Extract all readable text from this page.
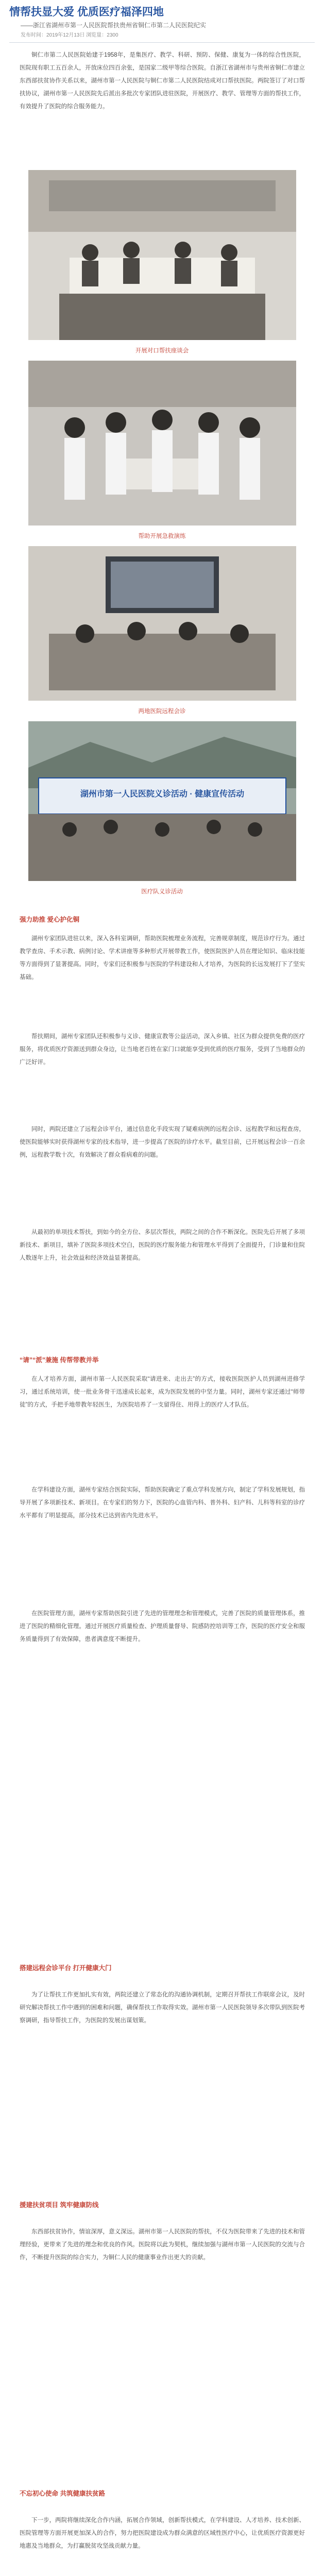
情帮扶显大爱 优质医疗福泽四地
——浙江省湖州市第一人民医院帮扶贵州省铜仁市第二人民医院纪实
发布时间：2019年12月13日 浏览量：2300
铜仁市第二人民医院始建于1958年，是集医疗、教学、科研、预防、保健、康复为一体的综合性医院，医院现有职工五百余人，开放床位四百余张，是国家二级甲等综合医院。自浙江省湖州市与贵州省铜仁市建立东西部扶贫协作关系以来，湖州市第一人民医院与铜仁市第二人民医院结成对口帮扶医院。两院签订了对口帮扶协议，湖州市第一人民医院先后派出多批次专家团队进驻医院，开展医疗、教学、管理等方面的帮扶工作，有效提升了医院的综合服务能力。
开展对口帮扶座谈会
帮助开展急救演练
两地医院远程会诊
湖州市第一人民医院义诊活动 · 健康宣传活动
医疗队义诊活动
强力助推 爱心护化铜
湖州专家团队进驻以来，深入各科室调研，帮助医院梳理业务流程，完善规章制度，规范诊疗行为。通过教学查房、手术示教、病例讨论、学术讲座等多种形式开展带教工作，使医院医护人员在理论知识、临床技能等方面得到了显著提高。同时，专家们还积极参与医院的学科建设和人才培养，为医院的长远发展打下了坚实基础。
帮扶期间，湖州专家团队还积极参与义诊、健康宣教等公益活动，深入乡镇、社区为群众提供免费的医疗服务，将优质医疗资源送到群众身边，让当地老百姓在家门口就能享受到优质的医疗服务，受到了当地群众的广泛好评。
同时，两院还建立了远程会诊平台，通过信息化手段实现了疑难病例的远程会诊、远程教学和远程查房，使医院能够实时获得湖州专家的技术指导，进一步提高了医院的诊疗水平。截至目前，已开展远程会诊一百余例，远程教学数十次，有效解决了群众看病难的问题。
从最初的单项技术帮扶，到如今的全方位、多层次帮扶，两院之间的合作不断深化。医院先后开展了多项新技术、新项目，填补了医院多项技术空白，医院的医疗服务能力和管理水平得到了全面提升，门诊量和住院人数逐年上升，社会效益和经济效益显著提高。
“请”“派”兼施 传帮带教并举
在人才培养方面，湖州市第一人民医院采取“请进来、走出去”的方式，接收医院医护人员到湖州进修学习，通过系统培训，使一批业务骨干迅速成长起来，成为医院发展的中坚力量。同时，湖州专家还通过“师带徒”的方式，手把手地带教年轻医生，为医院培养了一支留得住、用得上的医疗人才队伍。
在学科建设方面，湖州专家结合医院实际，帮助医院确定了重点学科发展方向，制定了学科发展规划，指导开展了多项新技术、新项目。在专家们的努力下，医院的心血管内科、普外科、妇产科、儿科等科室的诊疗水平都有了明显提高，部分技术已达到省内先进水平。
在医院管理方面，湖州专家帮助医院引进了先进的管理理念和管理模式，完善了医院的质量管理体系，推进了医院的精细化管理。通过开展医疗质量检查、护理质量督导、院感防控培训等工作，医院的医疗安全和服务质量得到了有效保障，患者满意度不断提升。
搭建远程会诊平台 打开健康大门
为了让帮扶工作更加扎实有效，两院还建立了常态化的沟通协调机制，定期召开帮扶工作联席会议，及时研究解决帮扶工作中遇到的困难和问题，确保帮扶工作取得实效。湖州市第一人民医院领导多次带队到医院考察调研，指导帮扶工作，为医院的发展出谋划策。
援建扶贫项目 筑牢健康防线
东西部扶贫协作，情谊深厚，意义深远。湖州市第一人民医院的帮扶，不仅为医院带来了先进的技术和管理经验，更带来了先进的理念和优良的作风。医院将以此为契机，继续加强与湖州市第一人民医院的交流与合作，不断提升医院的综合实力，为铜仁人民的健康事业作出更大的贡献。
不忘初心使命 共筑健康扶贫路
下一步，两院将继续深化合作内涵，拓展合作领域，创新帮扶模式，在学科建设、人才培养、技术创新、医院管理等方面开展更加深入的合作，努力把医院建设成为群众满意的区域性医疗中心，让优质医疗资源更好地惠及当地群众，为打赢脱贫攻坚战贡献力量。
